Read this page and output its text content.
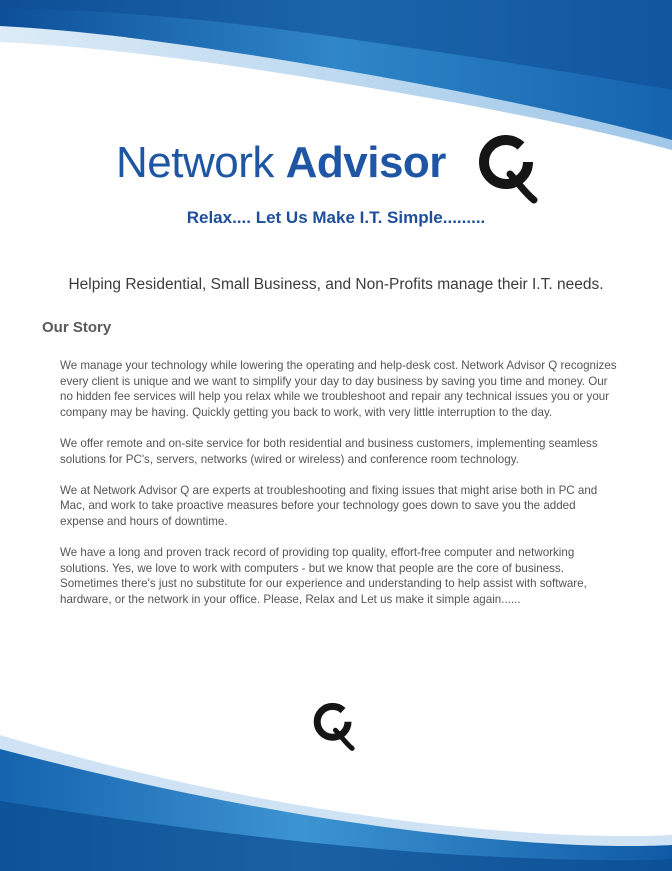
Network Advisor
Relax.... Let Us Make I.T. Simple.........
Helping Residential, Small Business, and Non-Profits manage their I.T. needs.
Our Story

We manage your technology while lowering the operating and help-desk cost. Network Advisor Q recognizes every client is unique and we want to simplify your day to day business by saving you time and money. Our no hidden fee services will help you relax while we troubleshoot and repair any technical issues you or your company may be having. Quickly getting you back to work, with very little interruption to the day.

We offer remote and on-site service for both residential and business customers, implementing seamless solutions for PC's, servers, networks (wired or wireless) and conference room technology.

We at Network Advisor Q are experts at troubleshooting and fixing issues that might arise both in PC and Mac, and work to take proactive measures before your technology goes down to save you the added expense and hours of downtime.

We have a long and proven track record of providing top quality, effort-free computer and networking solutions. Yes, we love to work with computers - but we know that people are the core of business. Sometimes there's just no substitute for our experience and understanding to help assist with software, hardware, or the network in your office. Please, Relax and Let us make it simple again......
